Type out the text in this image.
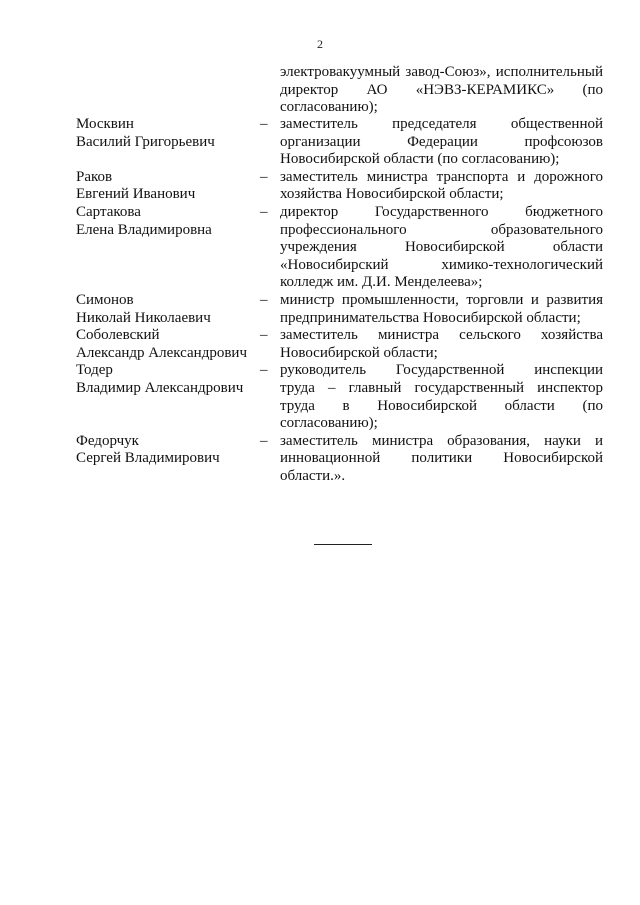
2
электровакуумный завод-Союз», исполнительный
директор АО «НЭВЗ-КЕРАМИКС» (по
согласованию);
Москвин
Василий Григорьевич
– заместитель председателя общественной
организации Федерации профсоюзов
Новосибирской области (по согласованию);
Раков
Евгений Иванович
– заместитель министра транспорта и дорожного
хозяйства Новосибирской области;
Сартакова
Елена Владимировна
– директор Государственного бюджетного
профессионального образовательного
учреждения Новосибирской области
«Новосибирский химико-технологический
колледж им. Д.И. Менделеева»;
Симонов
Николай Николаевич
– министр промышленности, торговли и развития
предпринимательства Новосибирской области;
Соболевский
Александр Александрович
– заместитель министра сельского хозяйства
Новосибирской области;
Тодер
Владимир Александрович
– руководитель Государственной инспекции
труда – главный государственный инспектор
труда в Новосибирской области (по
согласованию);
Федорчук
Сергей Владимирович
– заместитель министра образования, науки и
инновационной политики Новосибирской
области.».
